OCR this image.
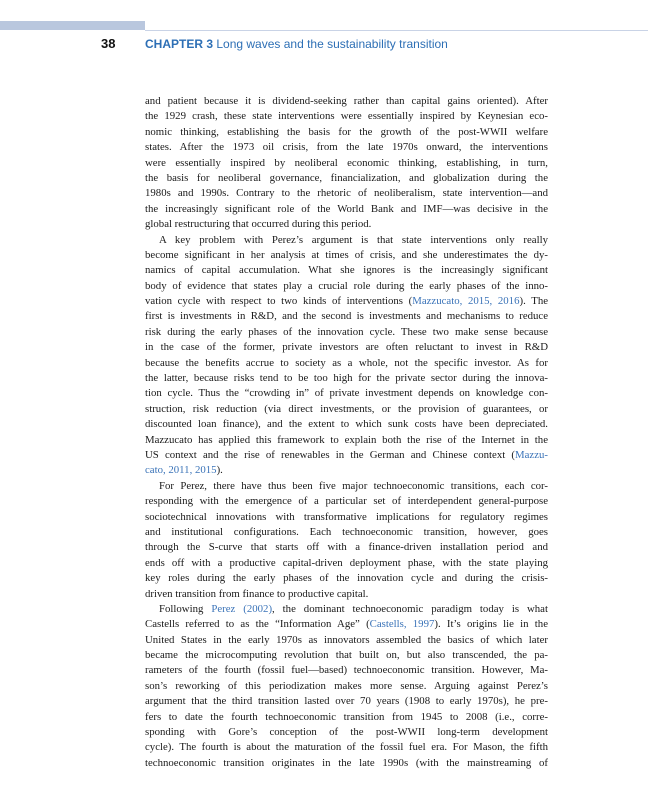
38 CHAPTER 3 Long waves and the sustainability transition
and patient because it is dividend-seeking rather than capital gains oriented). After
the 1929 crash, these state interventions were essentially inspired by Keynesian eco-
nomic thinking, establishing the basis for the growth of the post-WWII welfare
states. After the 1973 oil crisis, from the late 1970s onward, the interventions
were essentially inspired by neoliberal economic thinking, establishing, in turn,
the basis for neoliberal governance, financialization, and globalization during the
1980s and 1990s. Contrary to the rhetoric of neoliberalism, state intervention—and
the increasingly significant role of the World Bank and IMF—was decisive in the
global restructuring that occurred during this period.
A key problem with Perez’s argument is that state interventions only really
become significant in her analysis at times of crisis, and she underestimates the dy-
namics of capital accumulation. What she ignores is the increasingly significant
body of evidence that states play a crucial role during the early phases of the inno-
vation cycle with respect to two kinds of interventions (Mazzucato, 2015, 2016). The
first is investments in R&D, and the second is investments and mechanisms to reduce
risk during the early phases of the innovation cycle. These two make sense because
in the case of the former, private investors are often reluctant to invest in R&D
because the benefits accrue to society as a whole, not the specific investor. As for
the latter, because risks tend to be too high for the private sector during the innova-
tion cycle. Thus the “crowding in” of private investment depends on knowledge con-
struction, risk reduction (via direct investments, or the provision of guarantees, or
discounted loan finance), and the extent to which sunk costs have been depreciated.
Mazzucato has applied this framework to explain both the rise of the Internet in the
US context and the rise of renewables in the German and Chinese context (Mazzu-
cato, 2011, 2015).
For Perez, there have thus been five major technoeconomic transitions, each cor-
responding with the emergence of a particular set of interdependent general-purpose
sociotechnical innovations with transformative implications for regulatory regimes
and institutional configurations. Each technoeconomic transition, however, goes
through the S-curve that starts off with a finance-driven installation period and
ends off with a productive capital-driven deployment phase, with the state playing
key roles during the early phases of the innovation cycle and during the crisis-
driven transition from finance to productive capital.
Following Perez (2002), the dominant technoeconomic paradigm today is what
Castells referred to as the “Information Age” (Castells, 1997). It’s origins lie in the
United States in the early 1970s as innovators assembled the basics of which later
became the microcomputing revolution that built on, but also transcended, the pa-
rameters of the fourth (fossil fuel—based) technoeconomic transition. However, Ma-
son’s reworking of this periodization makes more sense. Arguing against Perez’s
argument that the third transition lasted over 70 years (1908 to early 1970s), he pre-
fers to date the fourth technoeconomic transition from 1945 to 2008 (i.e., corre-
sponding with Gore’s conception of the post-WWII long-term development
cycle). The fourth is about the maturation of the fossil fuel era. For Mason, the fifth
technoeconomic transition originates in the late 1990s (with the mainstreaming of
